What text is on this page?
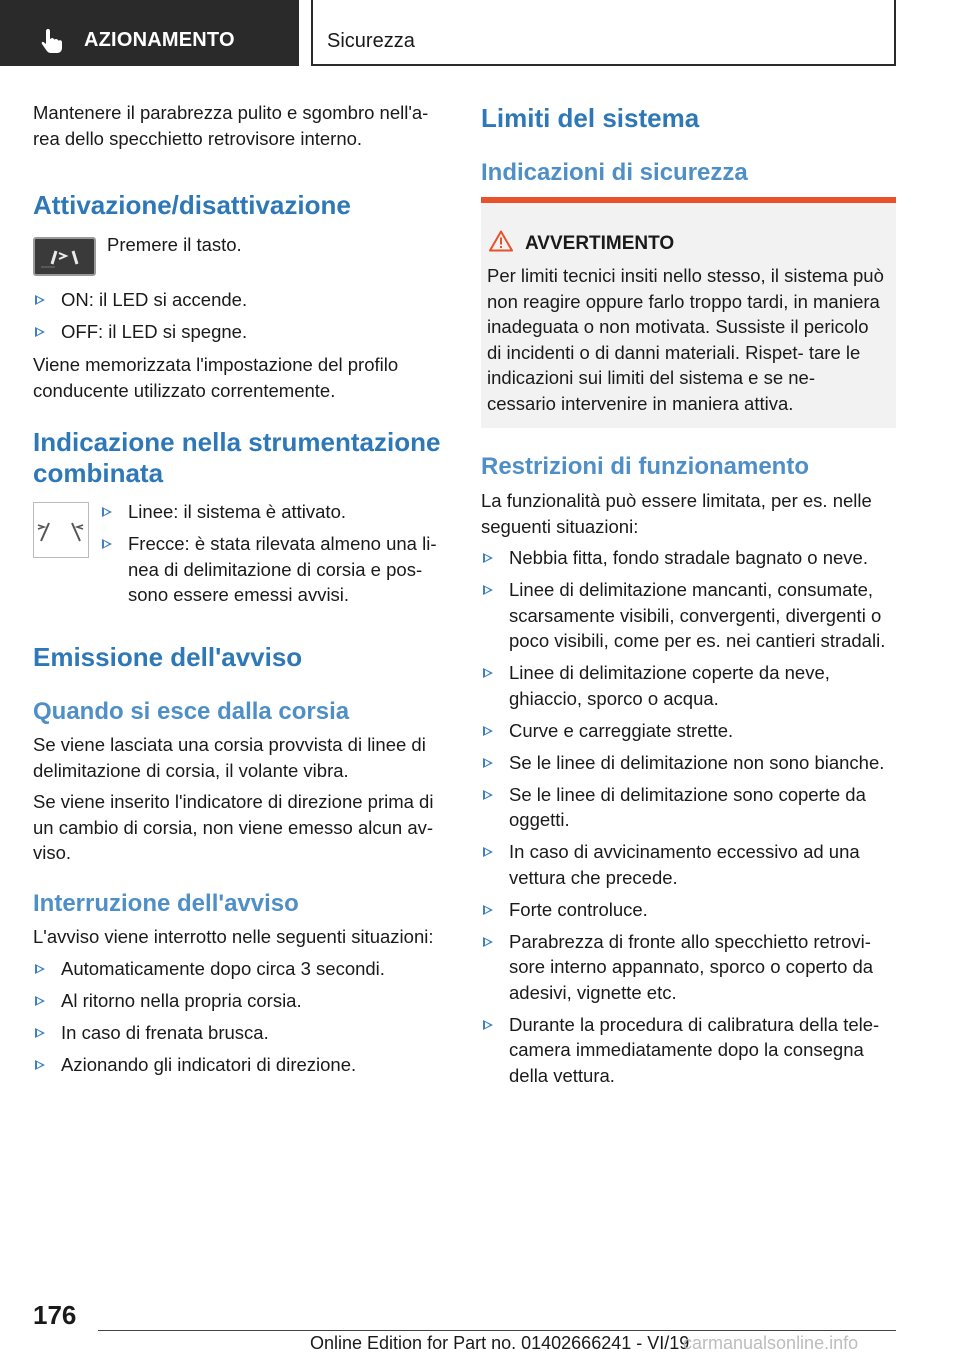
AZIONAMENTO	Sicurezza

Mantenere il parabrezza pulito e sgombro nell'a- rea dello specchietto retrovisore interno.

Attivazione/disattivazione

Premere il tasto.

ON: il LED si accende.
OFF: il LED si spegne.

Viene memorizzata l'impostazione del profilo conducente utilizzato correntemente.

Indicazione nella strumentazione combinata
Linee: il sistema è attivato.
Frecce: è stata rilevata almeno una li- nea di delimitazione di corsia e pos- sono essere emessi avvisi.
Emissione dell'avviso
Quando si esce dalla corsia

Se viene lasciata una corsia provvista di linee di delimitazione di corsia, il volante vibra.

Se viene inserito l'indicatore di direzione prima di un cambio di corsia, non viene emesso alcun av- viso.

Interruzione dell'avviso

L'avviso viene interrotto nelle seguenti situazioni:

Automaticamente dopo circa 3 secondi.
Al ritorno nella propria corsia.
In caso di frenata brusca.
Azionando gli indicatori di direzione.
Limiti del sistema
Indicazioni di sicurezza
AVVERTIMENTO
Per limiti tecnici insiti nello stesso, il sistema può non reagire oppure farlo troppo tardi, in maniera inadeguata o non motivata. Sussiste il pericolo di incidenti o di danni materiali. Rispet- tare le indicazioni sui limiti del sistema e se ne- cessario intervenire in maniera attiva.
Restrizioni di funzionamento

La funzionalità può essere limitata, per es. nelle seguenti situazioni:

Nebbia fitta, fondo stradale bagnato o neve.
Linee di delimitazione mancanti, consumate, scarsamente visibili, convergenti, divergenti o poco visibili, come per es. nei cantieri stradali.
Linee di delimitazione coperte da neve, ghiaccio, sporco o acqua.
Curve e carreggiate strette.
Se le linee di delimitazione non sono bianche.
Se le linee di delimitazione sono coperte da oggetti.
In caso di avvicinamento eccessivo ad una vettura che precede.
Forte controluce.
Parabrezza di fronte allo specchietto retrovi- sore interno appannato, sporco o coperto da adesivi, vignette etc.
Durante la procedura di calibratura della tele- camera immediatamente dopo la consegna della vettura.
176
Online Edition for Part no. 01402666241 - VI/19
carmanualsonline.info
